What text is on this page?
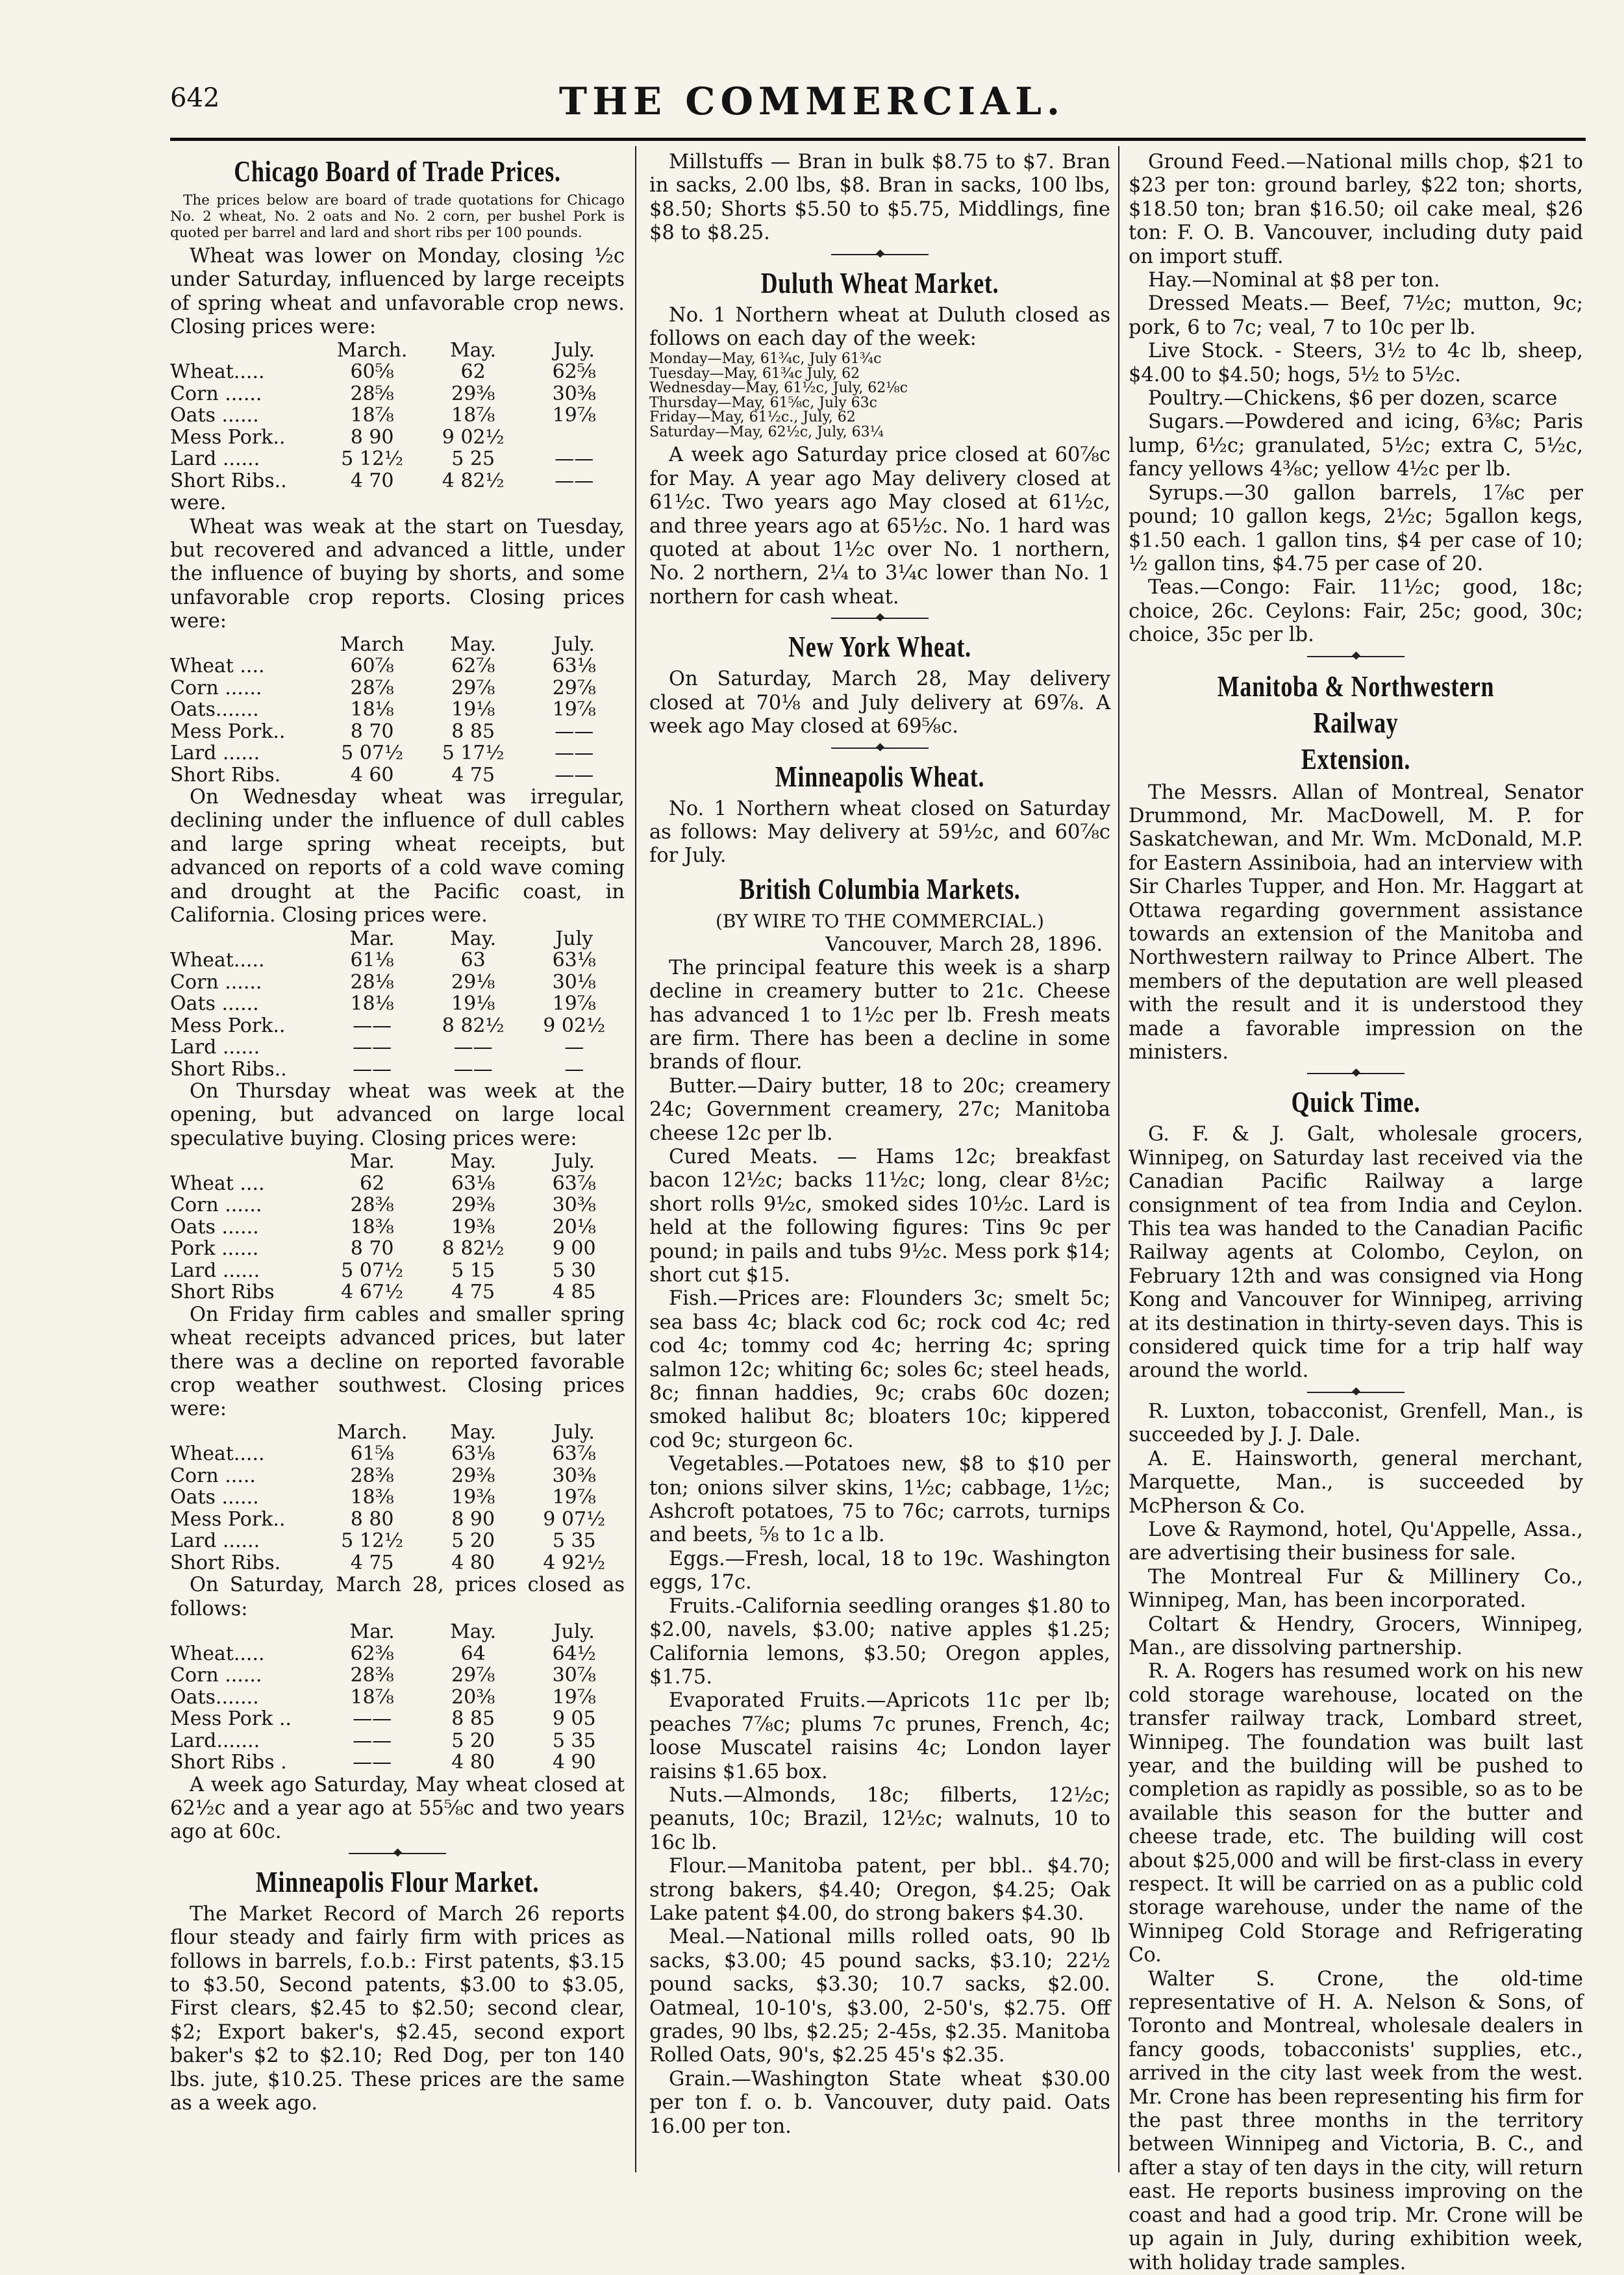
642	THE COMMERCIAL.
Chicago Board of Trade Prices.

The prices below are board of trade quotations for Chicago No. 2 wheat, No. 2 oats and No. 2 corn, per bushel Pork is quoted per barrel and lard and short ribs per 100 pounds.

Wheat was lower on Monday, closing ½c under Saturday, influenced by large receipts of spring wheat and unfavorable crop news. Closing prices were:

	March.	May.	July.
Wheat.....	60⅝	62	62⅝
Corn ......	28⅝	29⅜	30⅜
Oats ......	18⅞	18⅞	19⅞
Mess Pork..	8 90	9 02½	
Lard ......	5 12½	5 25	——
Short Ribs..	4 70	4 82½	——

were.

Wheat was weak at the start on Tuesday, but recovered and advanced a little, under the influence of buying by shorts, and some unfavorable crop reports. Closing prices were:

	March	May.	July.
Wheat ....	60⅞	62⅞	63⅛
Corn ......	28⅞	29⅞	29⅞
Oats.......	18⅛	19⅛	19⅞
Mess Pork..	8 70	8 85	——
Lard ......	5 07½	5 17½	——
Short Ribs.	4 60	4 75	——

On Wednesday wheat was irregular, declining under the influence of dull cables and large spring wheat receipts, but advanced on reports of a cold wave coming and drought at the Pacific coast, in California. Closing prices were.

	Mar.	May.	July
Wheat.....	61⅛	63	63⅛
Corn ......	28⅛	29⅛	30⅛
Oats ......	18⅛	19⅛	19⅞
Mess Pork..	——	8 82½	9 02½
Lard ......	——	——	—
Short Ribs..	——	——	—

On Thursday wheat was week at the opening, but advanced on large local speculative buying. Closing prices were:

	Mar.	May.	July.
Wheat ....	62	63⅛	63⅞
Corn ......	28⅜	29⅜	30⅜
Oats ......	18⅜	19⅜	20⅛
Pork ......	8 70	8 82½	9 00
Lard ......	5 07½	5 15	5 30
Short Ribs	4 67½	4 75	4 85

On Friday firm cables and smaller spring wheat receipts advanced prices, but later there was a decline on reported favorable crop weather southwest. Closing prices were:

	March.	May.	July.
Wheat.....	61⅝	63⅛	63⅞
Corn .....	28⅜	29⅜	30⅜
Oats ......	18⅜	19⅜	19⅞
Mess Pork..	8 80	8 90	9 07½
Lard ......	5 12½	5 20	5 35
Short Ribs.	4 75	4 80	4 92½

On Saturday, March 28, prices closed as follows:

	Mar.	May.	July.
Wheat.....	62⅜	64	64½
Corn ......	28⅜	29⅞	30⅞
Oats.......	18⅞	20⅜	19⅞
Mess Pork ..	——	8 85	9 05
Lard.......	——	5 20	5 35
Short Ribs .	——	4 80	4 90

A week ago Saturday, May wheat closed at 62½c and a year ago at 55⅝c and two years ago at 60c.

Minneapolis Flour Market.

The Market Record of March 26 reports flour steady and fairly firm with prices as follows in barrels, f.o.b.: First patents, $3.15 to $3.50, Second patents, $3.00 to $3.05, First clears, $2.45 to $2.50; second clear, $2; Export baker's, $2.45, second export baker's $2 to $2.10; Red Dog, per ton 140 lbs. jute, $10.25. These prices are the same as a week ago.

Millstuffs — Bran in bulk $8.75 to $7. Bran in sacks, 2.00 lbs, $8. Bran in sacks, 100 lbs, $8.50; Shorts $5.50 to $5.75, Middlings, fine $8 to $8.25.

Duluth Wheat Market.

No. 1 Northern wheat at Duluth closed as follows on each day of the week:

Monday—May, 61¾c, July 61¾c
Tuesday—May, 61¾c July, 62
Wednesday—May, 61½c, July, 62⅛c
Thursday—May, 61⅝c, July 63c
Friday—May, 61½c., July, 62
Saturday—May, 62½c, July, 63¼

A week ago Saturday price closed at 60⅞c for May. A year ago May delivery closed at 61½c. Two years ago May closed at 61½c, and three years ago at 65½c. No. 1 hard was quoted at about 1½c over No. 1 northern, No. 2 northern, 2¼ to 3¼c lower than No. 1 northern for cash wheat.

New York Wheat.

On Saturday, March 28, May delivery closed at 70⅛ and July delivery at 69⅞. A week ago May closed at 69⅝c.

Minneapolis Wheat.

No. 1 Northern wheat closed on Saturday as follows: May delivery at 59½c, and 60⅞c for July.

British Columbia Markets.
(BY WIRE TO THE COMMERCIAL.)
Vancouver, March 28, 1896.

The principal feature this week is a sharp decline in creamery butter to 21c. Cheese has advanced 1 to 1½c per lb. Fresh meats are firm. There has been a decline in some brands of flour.

Butter.—Dairy butter, 18 to 20c; creamery 24c; Government creamery, 27c; Manitoba cheese 12c per lb.

Cured Meats. — Hams 12c; breakfast bacon 12½c; backs 11½c; long, clear 8½c; short rolls 9½c, smoked sides 10½c. Lard is held at the following figures: Tins 9c per pound; in pails and tubs 9½c. Mess pork $14; short cut $15.

Fish.—Prices are: Flounders 3c; smelt 5c; sea bass 4c; black cod 6c; rock cod 4c; red cod 4c; tommy cod 4c; herring 4c; spring salmon 12c; whiting 6c; soles 6c; steel heads, 8c; finnan haddies, 9c; crabs 60c dozen; smoked halibut 8c; bloaters 10c; kippered cod 9c; sturgeon 6c.

Vegetables.—Potatoes new, $8 to $10 per ton; onions silver skins, 1½c; cabbage, 1½c; Ashcroft potatoes, 75 to 76c; carrots, turnips and beets, ⅝ to 1c a lb.

Eggs.—Fresh, local, 18 to 19c. Washington eggs, 17c.

Fruits.-California seedling oranges $1.80 to $2.00, navels, $3.00; native apples $1.25; California lemons, $3.50; Oregon apples, $1.75.

Evaporated Fruits.—Apricots 11c per lb; peaches 7⅞c; plums 7c prunes, French, 4c; loose Muscatel raisins 4c; London layer raisins $1.65 box.

Nuts.—Almonds, 18c; filberts, 12½c; peanuts, 10c; Brazil, 12½c; walnuts, 10 to 16c lb.

Flour.—Manitoba patent, per bbl.. $4.70; strong bakers, $4.40; Oregon, $4.25; Oak Lake patent $4.00, do strong bakers $4.30.

Meal.—National mills rolled oats, 90 lb sacks, $3.00; 45 pound sacks, $3.10; 22½ pound sacks, $3.30; 10.7 sacks, $2.00. Oatmeal, 10-10's, $3.00, 2-50's, $2.75. Off grades, 90 lbs, $2.25; 2-45s, $2.35. Manitoba Rolled Oats, 90's, $2.25 45's $2.35.

Grain.—Washington State wheat $30.00 per ton f. o. b. Vancouver, duty paid. Oats 16.00 per ton.

Ground Feed.—National mills chop, $21 to $23 per ton: ground barley, $22 ton; shorts, $18.50 ton; bran $16.50; oil cake meal, $26 ton: F. O. B. Vancouver, including duty paid on import stuff.

Hay.—Nominal at $8 per ton.

Dressed Meats.— Beef, 7½c; mutton, 9c; pork, 6 to 7c; veal, 7 to 10c per lb.

Live Stock. - Steers, 3½ to 4c lb, sheep, $4.00 to $4.50; hogs, 5½ to 5½c.

Poultry.—Chickens, $6 per dozen, scarce

Sugars.—Powdered and icing, 6⅜c; Paris lump, 6½c; granulated, 5½c; extra C, 5½c, fancy yellows 4⅜c; yellow 4½c per lb.

Syrups.—30 gallon barrels, 1⅞c per pound; 10 gallon kegs, 2½c; 5gallon kegs, $1.50 each. 1 gallon tins, $4 per case of 10; ½ gallon tins, $4.75 per case of 20.

Teas.—Congo: Fair. 11½c; good, 18c; choice, 26c. Ceylons: Fair, 25c; good, 30c; choice, 35c per lb.

Manitoba & Northwestern Railway
Extension.

The Messrs. Allan of Montreal, Senator Drummond, Mr. MacDowell, M. P. for Saskatchewan, and Mr. Wm. McDonald, M.P. for Eastern Assiniboia, had an interview with Sir Charles Tupper, and Hon. Mr. Haggart at Ottawa regarding government assistance towards an extension of the Manitoba and Northwestern railway to Prince Albert. The members of the deputation are well pleased with the result and it is understood they made a favorable impression on the ministers.

Quick Time.

G. F. & J. Galt, wholesale grocers, Winnipeg, on Saturday last received via the Canadian Pacific Railway a large consignment of tea from India and Ceylon. This tea was handed to the Canadian Pacific Railway agents at Colombo, Ceylon, on February 12th and was consigned via Hong Kong and Vancouver for Winnipeg, arriving at its destination in thirty-seven days. This is considered quick time for a trip half way around the world.

R. Luxton, tobacconist, Grenfell, Man., is succeeded by J. J. Dale.

A. E. Hainsworth, general merchant, Marquette, Man., is succeeded by McPherson & Co.

Love & Raymond, hotel, Qu'Appelle, Assa., are advertising their business for sale.

The Montreal Fur & Millinery Co., Winnipeg, Man, has been incorporated.

Coltart & Hendry, Grocers, Winnipeg, Man., are dissolving partnership.

R. A. Rogers has resumed work on his new cold storage warehouse, located on the transfer railway track, Lombard street, Winnipeg. The foundation was built last year, and the building will be pushed to completion as rapidly as possible, so as to be available this season for the butter and cheese trade, etc. The building will cost about $25,000 and will be first-class in every respect. It will be carried on as a public cold storage warehouse, under the name of the Winnipeg Cold Storage and Refrigerating Co.

Walter S. Crone, the old-time representative of H. A. Nelson & Sons, of Toronto and Montreal, wholesale dealers in fancy goods, tobacconists' supplies, etc., arrived in the city last week from the west. Mr. Crone has been representing his firm for the past three months in the territory between Winnipeg and Victoria, B. C., and after a stay of ten days in the city, will return east. He reports business improving on the coast and had a good trip. Mr. Crone will be up again in July, during exhibition week, with holiday trade samples.
